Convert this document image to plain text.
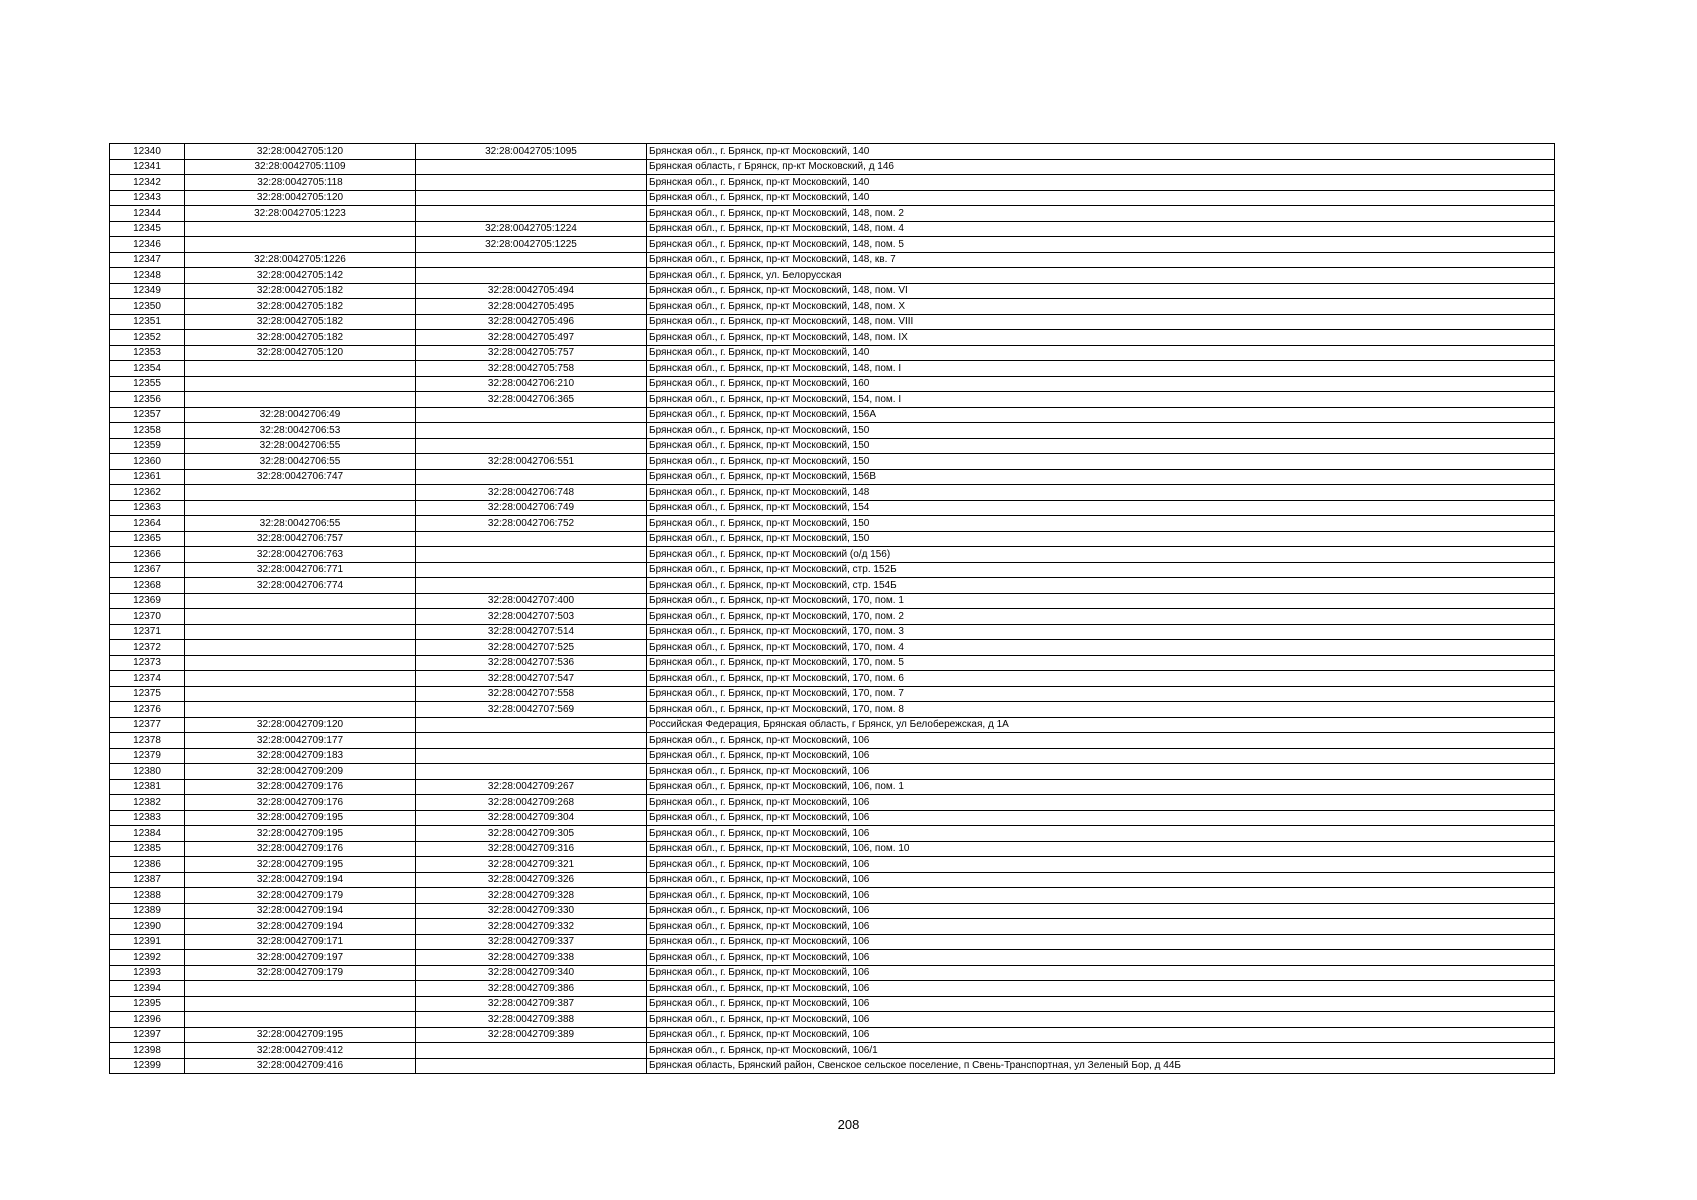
12340	32:28:0042705:120	32:28:0042705:1095	Брянская обл., г. Брянск, пр-кт Московский, 140
12341	32:28:0042705:1109		Брянская область, г Брянск, пр-кт Московский, д 146
12342	32:28:0042705:118		Брянская обл., г. Брянск, пр-кт Московский, 140
12343	32:28:0042705:120		Брянская обл., г. Брянск, пр-кт Московский, 140
12344	32:28:0042705:1223		Брянская обл., г. Брянск, пр-кт Московский, 148, пом. 2
12345		32:28:0042705:1224	Брянская обл., г. Брянск, пр-кт Московский, 148, пом. 4
12346		32:28:0042705:1225	Брянская обл., г. Брянск, пр-кт Московский, 148, пом. 5
12347	32:28:0042705:1226		Брянская обл., г. Брянск, пр-кт Московский, 148, кв. 7
12348	32:28:0042705:142		Брянская обл., г. Брянск, ул. Белорусская
12349	32:28:0042705:182	32:28:0042705:494	Брянская обл., г. Брянск, пр-кт Московский, 148, пом. VI
12350	32:28:0042705:182	32:28:0042705:495	Брянская обл., г. Брянск, пр-кт Московский, 148, пом. X
12351	32:28:0042705:182	32:28:0042705:496	Брянская обл., г. Брянск, пр-кт Московский, 148, пом. VIII
12352	32:28:0042705:182	32:28:0042705:497	Брянская обл., г. Брянск, пр-кт Московский, 148, пом. IX
12353	32:28:0042705:120	32:28:0042705:757	Брянская обл., г. Брянск, пр-кт Московский, 140
12354		32:28:0042705:758	Брянская обл., г. Брянск, пр-кт Московский, 148, пом. I
12355		32:28:0042706:210	Брянская обл., г. Брянск, пр-кт Московский, 160
12356		32:28:0042706:365	Брянская обл., г. Брянск, пр-кт Московский, 154, пом. I
12357	32:28:0042706:49		Брянская обл., г. Брянск, пр-кт Московский, 156А
12358	32:28:0042706:53		Брянская обл., г. Брянск, пр-кт Московский, 150
12359	32:28:0042706:55		Брянская обл., г. Брянск, пр-кт Московский, 150
12360	32:28:0042706:55	32:28:0042706:551	Брянская обл., г. Брянск, пр-кт Московский, 150
12361	32:28:0042706:747		Брянская обл., г. Брянск, пр-кт Московский, 156В
12362		32:28:0042706:748	Брянская обл., г. Брянск, пр-кт Московский, 148
12363		32:28:0042706:749	Брянская обл., г. Брянск, пр-кт Московский, 154
12364	32:28:0042706:55	32:28:0042706:752	Брянская обл., г. Брянск, пр-кт Московский, 150
12365	32:28:0042706:757		Брянская обл., г. Брянск, пр-кт Московский, 150
12366	32:28:0042706:763		Брянская обл., г. Брянск, пр-кт Московский (о/д 156)
12367	32:28:0042706:771		Брянская обл., г. Брянск, пр-кт Московский, стр. 152Б
12368	32:28:0042706:774		Брянская обл., г. Брянск, пр-кт Московский, стр. 154Б
12369		32:28:0042707:400	Брянская обл., г. Брянск, пр-кт Московский, 170, пом. 1
12370		32:28:0042707:503	Брянская обл., г. Брянск, пр-кт Московский, 170, пом. 2
12371		32:28:0042707:514	Брянская обл., г. Брянск, пр-кт Московский, 170, пом. 3
12372		32:28:0042707:525	Брянская обл., г. Брянск, пр-кт Московский, 170, пом. 4
12373		32:28:0042707:536	Брянская обл., г. Брянск, пр-кт Московский, 170, пом. 5
12374		32:28:0042707:547	Брянская обл., г. Брянск, пр-кт Московский, 170, пом. 6
12375		32:28:0042707:558	Брянская обл., г. Брянск, пр-кт Московский, 170, пом. 7
12376		32:28:0042707:569	Брянская обл., г. Брянск, пр-кт Московский, 170, пом. 8
12377	32:28:0042709:120		Российская Федерация, Брянская область, г Брянск, ул Белобережская, д 1А
12378	32:28:0042709:177		Брянская обл., г. Брянск, пр-кт Московский, 106
12379	32:28:0042709:183		Брянская обл., г. Брянск, пр-кт Московский, 106
12380	32:28:0042709:209		Брянская обл., г. Брянск, пр-кт Московский, 106
12381	32:28:0042709:176	32:28:0042709:267	Брянская обл., г. Брянск, пр-кт Московский, 106, пом. 1
12382	32:28:0042709:176	32:28:0042709:268	Брянская обл., г. Брянск, пр-кт Московский, 106
12383	32:28:0042709:195	32:28:0042709:304	Брянская обл., г. Брянск, пр-кт Московский, 106
12384	32:28:0042709:195	32:28:0042709:305	Брянская обл., г. Брянск, пр-кт Московский, 106
12385	32:28:0042709:176	32:28:0042709:316	Брянская обл., г. Брянск, пр-кт Московский, 106, пом. 10
12386	32:28:0042709:195	32:28:0042709:321	Брянская обл., г. Брянск, пр-кт Московский, 106
12387	32:28:0042709:194	32:28:0042709:326	Брянская обл., г. Брянск, пр-кт Московский, 106
12388	32:28:0042709:179	32:28:0042709:328	Брянская обл., г. Брянск, пр-кт Московский, 106
12389	32:28:0042709:194	32:28:0042709:330	Брянская обл., г. Брянск, пр-кт Московский, 106
12390	32:28:0042709:194	32:28:0042709:332	Брянская обл., г. Брянск, пр-кт Московский, 106
12391	32:28:0042709:171	32:28:0042709:337	Брянская обл., г. Брянск, пр-кт Московский, 106
12392	32:28:0042709:197	32:28:0042709:338	Брянская обл., г. Брянск, пр-кт Московский, 106
12393	32:28:0042709:179	32:28:0042709:340	Брянская обл., г. Брянск, пр-кт Московский, 106
12394		32:28:0042709:386	Брянская обл., г. Брянск, пр-кт Московский, 106
12395		32:28:0042709:387	Брянская обл., г. Брянск, пр-кт Московский, 106
12396		32:28:0042709:388	Брянская обл., г. Брянск, пр-кт Московский, 106
12397	32:28:0042709:195	32:28:0042709:389	Брянская обл., г. Брянск, пр-кт Московский, 106
12398	32:28:0042709:412		Брянская обл., г. Брянск, пр-кт Московский, 106/1
12399	32:28:0042709:416		Брянская область, Брянский район, Свенское сельское поселение, п Свень-Транспортная, ул Зеленый Бор, д 44Б
208
